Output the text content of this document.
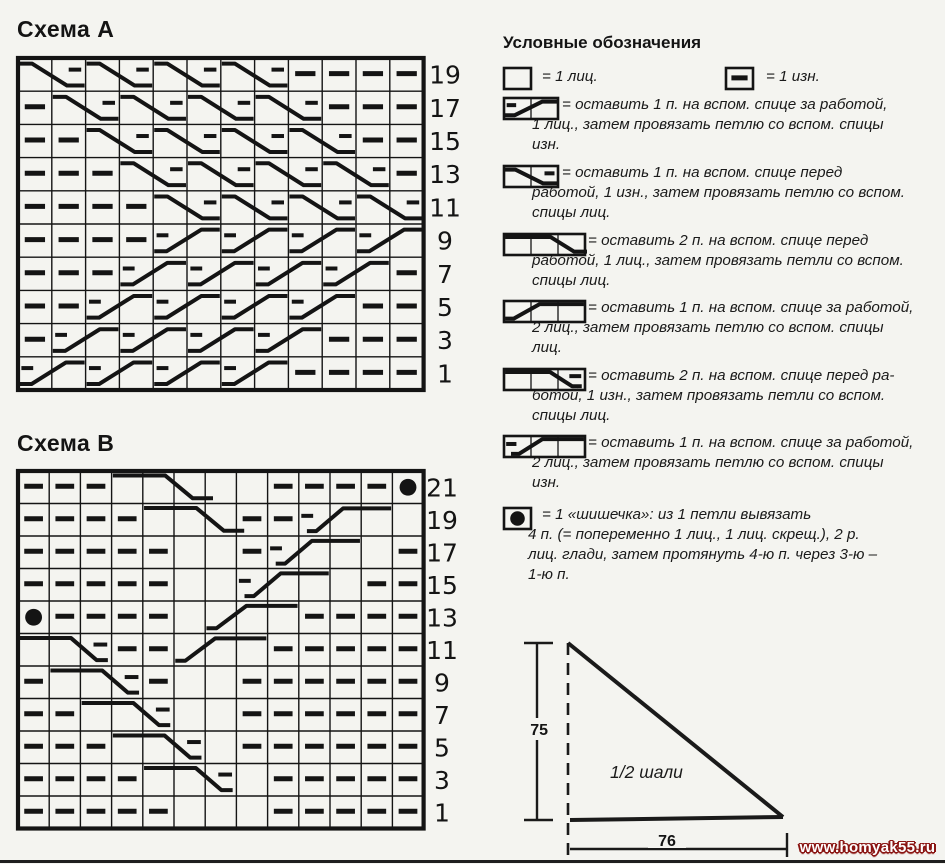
Схема А
19
17
15
13
11
9
7
5
3
1
Схема В
21
19
17
15
13
11
9
7
5
3
1
Условные обозначения
= 1 лиц.	= 1 изн.
= оставить 1 п. на вспом. спице за работой,
1 лиц., затем провязать петлю со вспом. спицы
изн.
= оставить 1 п. на вспом. спице перед
работой, 1 изн., затем провязать петлю со вспом.
спицы лиц.
= оставить 2 п. на вспом. спице перед
работой, 1 лиц., затем провязать петли со вспом.
спицы лиц.
= оставить 1 п. на вспом. спице за работой,
2 лиц., затем провязать петлю со вспом. спицы
лиц.
= оставить 2 п. на вспом. спице перед ра-
ботой, 1 изн., затем провязать петли со вспом.
спицы лиц.
= оставить 1 п. на вспом. спице за работой,
2 лиц., затем провязать петлю со вспом. спицы
изн.
= 1 «шишечка»: из 1 петли вывязать
4 п. (= попеременно 1 лиц., 1 лиц. скрещ.), 2 р.
лиц. глади, затем протянуть 4-ю п. через 3-ю –
1-ю п.
75
76
1/2 шали
www.homyak55.ru
